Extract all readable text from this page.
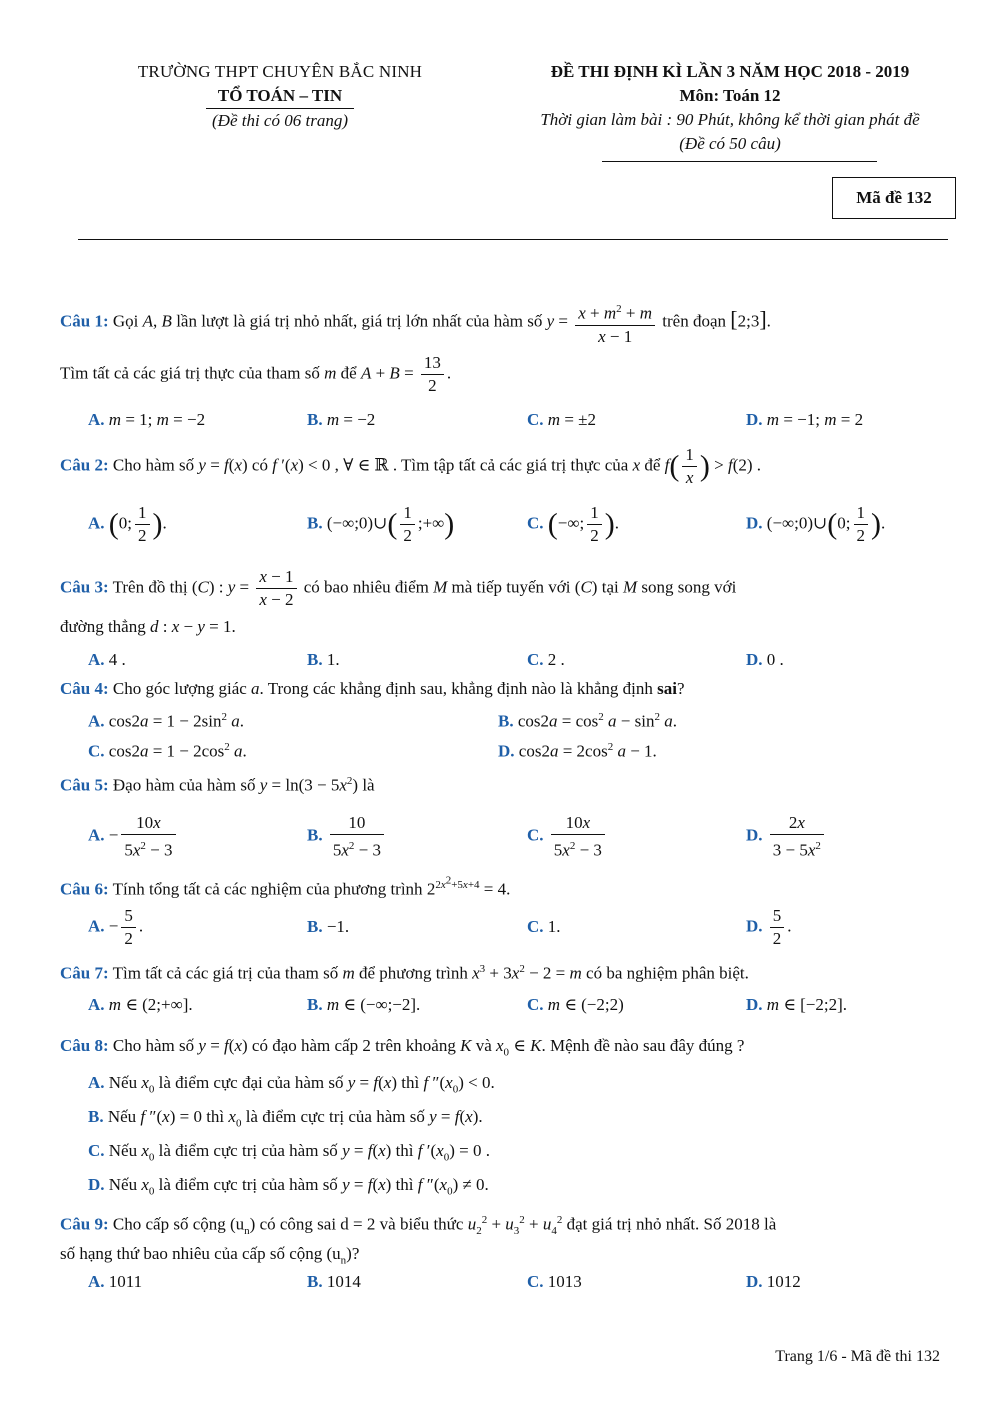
TRƯỜNG THPT CHUYÊN BẮC NINH
TỔ TOÁN – TIN
(Đề thi có 06 trang)
ĐỀ THI ĐỊNH KÌ LẦN 3 NĂM HỌC 2018 - 2019
Môn: Toán 12
Thời gian làm bài : 90 Phút, không kể thời gian phát đề
(Đề có 50 câu)
Mã đề 132
Câu 1: Gọi A, B lần lượt là giá trị nhỏ nhất, giá trị lớn nhất của hàm số $y = \frac{x + m^2 + m}{x - 1}$ trên đoạn [2;3].
Tìm tất cả các giá trị thực của tham số m để $A + B = \frac{13}{2}$ .
A. m = 1; m = −2	B. m = −2	C. m = ±2	D. m = −1; m = 2
Câu 2: Cho hàm số y = f(x) có f ′(x) < 0 , ∀ ∈ ℝ . Tìm tập tất cả các giá trị thực của x để $f( \frac{1}{x}$ ) > f(2) .
A. (0; $\frac{1}{2}$ ).	B. (−∞;0)∪( $\frac{1}{2}$ ;+∞)	C. (−∞; $\frac{1}{2}$ ).	D. (−∞;0)∪(0; $\frac{1}{2}$ ).
Câu 3: Trên đồ thị (C) : $y = \frac{x - 1}{x - 2}$ có bao nhiêu điểm M mà tiếp tuyến với (C) tại M song song với
đường thẳng d : x − y = 1.
A. 4 .	B. 1.	C. 2 .	D. 0 .
Câu 4: Cho góc lượng giác a. Trong các khẳng định sau, khẳng định nào là khẳng định sai?
A. $\cos 2a = 1 - 2\sin^2$ a.	B. $\cos 2a = \cos^2 a - \sin^2 a$.
C. $\cos 2a = 1 - 2\cos^2$ a.	D. $\cos 2a = 2\cos^2$ a − 1.
Câu 5: Đạo hàm của hàm số $y = \ln(3 - 5x^2)$ là
A. − $\frac{10x}{5x^2 - 3}$	B. $\frac{10}{5x^2 - 3}$	C. $\frac{10x}{5x^2 - 3}$	D. $\frac{2x}{3 - 5x^2}$
Câu 6: Tính tổng tất cả các nghiệm của phương trình $2^{2x^2+5x+4} = 4$.
A. − $\frac{5}{2}$ .	B. −1.	C. 1.	D. $\frac{5}{2}$ .
Câu 7: Tìm tất cả các giá trị của tham số m để phương trình $x^3 + 3x^2 - 2 = m$ có ba nghiệm phân biệt.
A. m ∈ (2;+∞].	B. m ∈ (−∞;−2].	C. m ∈ (−2;2)	D. m ∈ [−2;2].
Câu 8: Cho hàm số y = f(x) có đạo hàm cấp 2 trên khoảng K và $x_0$ ∈ K. Mệnh đề nào sau đây đúng ?
A. Nếu $x_0$ là điểm cực đại của hàm số y = f(x) thì f $''(x_0) < 0$.
B. Nếu f ″(x) = 0 thì $x_0$ là điểm cực trị của hàm số y = f(x).
C. Nếu $x_0$ là điểm cực trị của hàm số y = f(x) thì f $'(x_0) = 0$ .
D. Nếu $x_0$ là điểm cực trị của hàm số y = f(x) thì f $''(x_0) \ne 0$.
Câu 9: Cho cấp số cộng $(u_n)$ có công sai d = 2 và biểu thức $u_2^2 + u_3^2 + u_4^2$ đạt giá trị nhỏ nhất. Số 2018 là
số hạng thứ bao nhiêu của cấp số cộng $(u_n)$?
A. 1011	B. 1014	C. 1013	D. 1012
Trang 1/6 - Mã đề thi 132
